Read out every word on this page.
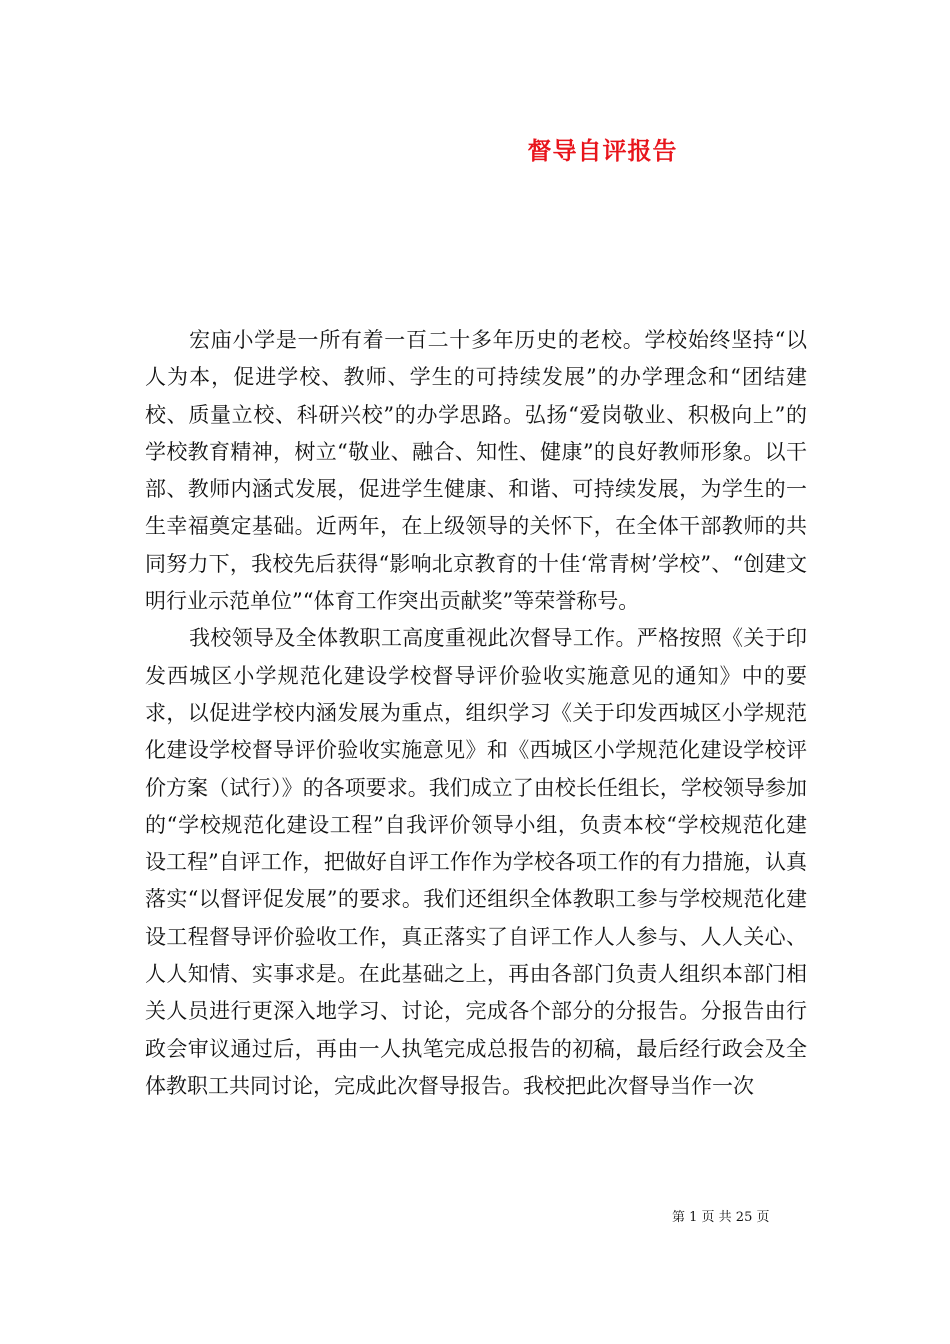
督导自评报告

宏庙小学是一所有着一百二十多年历史的老校。学校始终坚持“以人为本，促进学校、教师、学生的可持续发展”的办学理念和“团结建校、质量立校、科研兴校”的办学思路。弘扬“爱岗敬业、积极向上”的学校教育精神，树立“敬业、融合、知性、健康”的良好教师形象。以干部、教师内涵式发展，促进学生健康、和谐、可持续发展，为学生的一生幸福奠定基础。近两年，在上级领导的关怀下，在全体干部教师的共同努力下，我校先后获得“影响北京教育的十佳‘常青树’学校”、“创建文明行业示范单位”“体育工作突出贡献奖”等荣誉称号。

我校领导及全体教职工高度重视此次督导工作。严格按照《关于印发西城区小学规范化建设学校督导评价验收实施意见的通知》中的要求，以促进学校内涵发展为重点，组织学习《关于印发西城区小学规范化建设学校督导评价验收实施意见》和《西城区小学规范化建设学校评价方案（试行）》的各项要求。我们成立了由校长任组长，学校领导参加的“学校规范化建设工程”自我评价领导小组，负责本校“学校规范化建设工程”自评工作，把做好自评工作作为学校各项工作的有力措施，认真落实“以督评促发展”的要求。我们还组织全体教职工参与学校规范化建设工程督导评价验收工作，真正落实了自评工作人人参与、人人关心、人人知情、实事求是。在此基础之上，再由各部门负责人组织本部门相关人员进行更深入地学习、讨论，完成各个部分的分报告。分报告由行政会审议通过后，再由一人执笔完成总报告的初稿，最后经行政会及全体教职工共同讨论，完成此次督导报告。我校把此次督导当作一次

第 1 页 共 25 页
